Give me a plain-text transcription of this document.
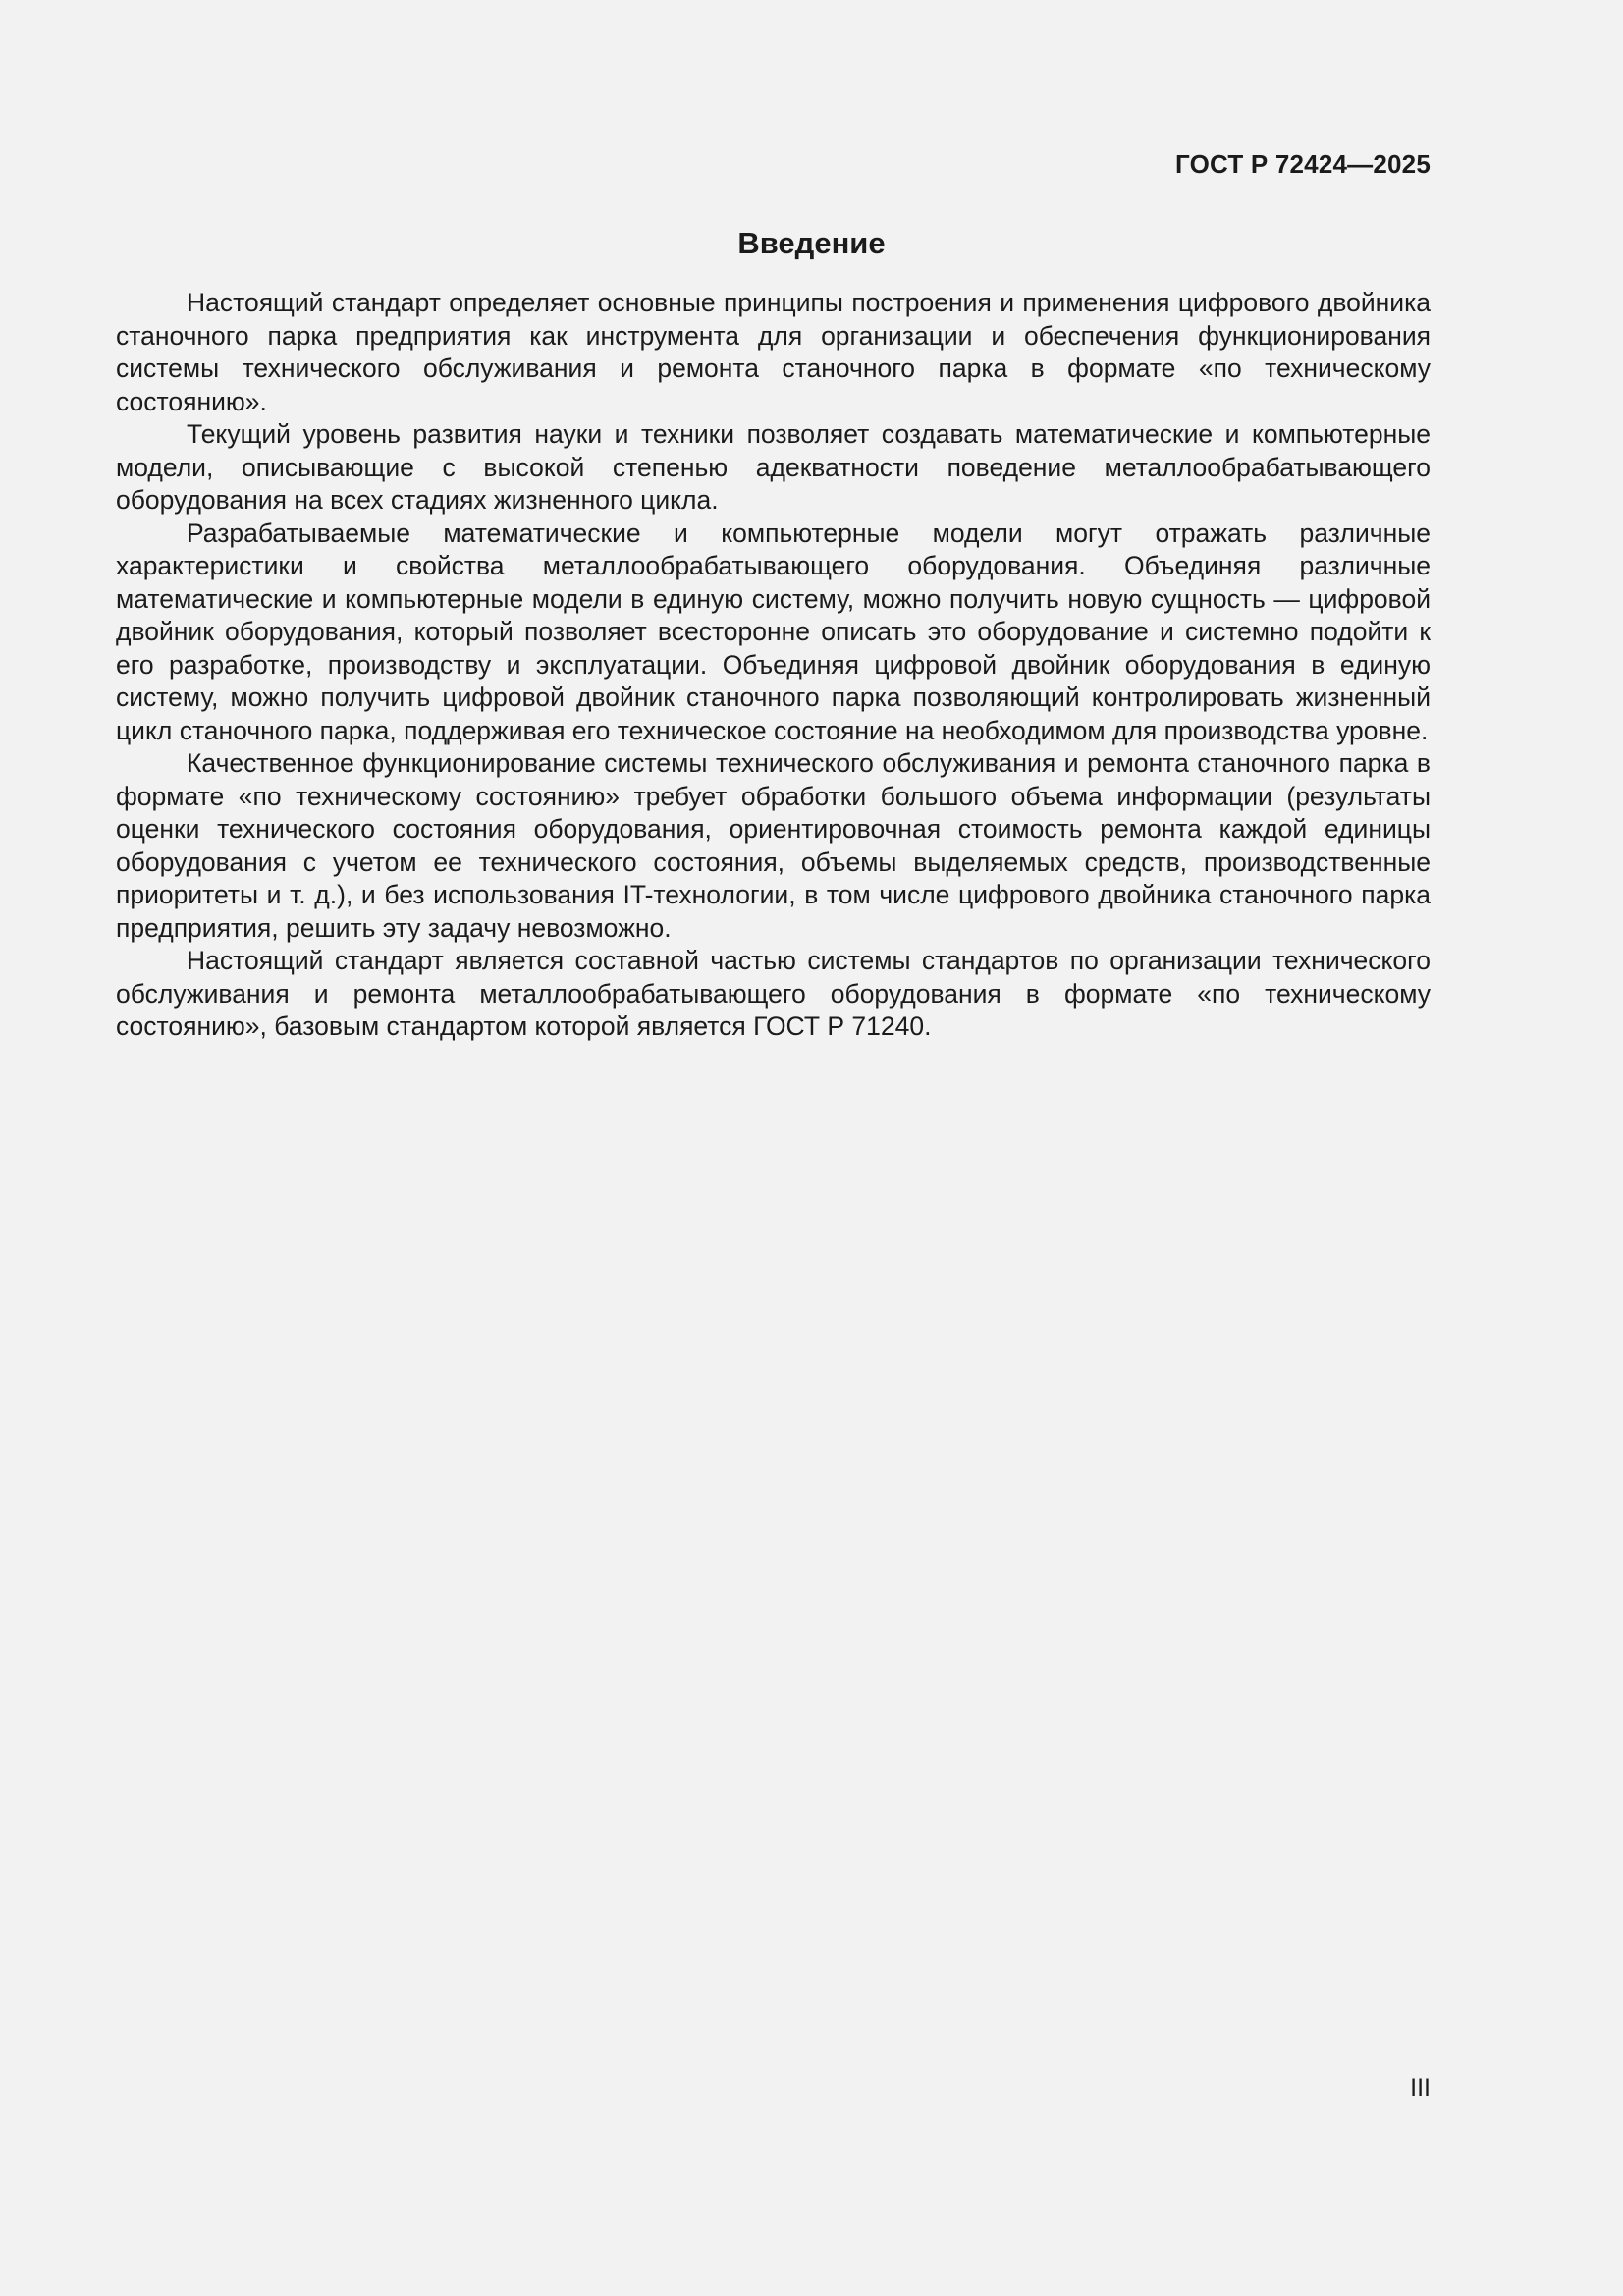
ГОСТ Р 72424—2025
Введение

Настоящий стандарт определяет основные принципы построения и применения цифрового двойника станочного парка предприятия как инструмента для организации и обеспечения функционирования системы технического обслуживания и ремонта станочного парка в формате «по техническому состоянию».

Текущий уровень развития науки и техники позволяет создавать математические и компьютерные модели, описывающие с высокой степенью адекватности поведение металлообрабатывающего оборудования на всех стадиях жизненного цикла.

Разрабатываемые математические и компьютерные модели могут отражать различные характеристики и свойства металлообрабатывающего оборудования. Объединяя различные математические и компьютерные модели в единую систему, можно получить новую сущность — цифровой двойник оборудования, который позволяет всесторонне описать это оборудование и системно подойти к его разработке, производству и эксплуатации. Объединяя цифровой двойник оборудования в единую систему, можно получить цифровой двойник станочного парка позволяющий контролировать жизненный цикл станочного парка, поддерживая его техническое состояние на необходимом для производства уровне.

Качественное функционирование системы технического обслуживания и ремонта станочного парка в формате «по техническому состоянию» требует обработки большого объема информации (результаты оценки технического состояния оборудования, ориентировочная стоимость ремонта каждой единицы оборудования с учетом ее технического состояния, объемы выделяемых средств, производственные приоритеты и т. д.), и без использования IT-технологии, в том числе цифрового двойника станочного парка предприятия, решить эту задачу невозможно.

Настоящий стандарт является составной частью системы стандартов по организации технического обслуживания и ремонта металлообрабатывающего оборудования в формате «по техническому состоянию», базовым стандартом которой является ГОСТ Р 71240.

III
